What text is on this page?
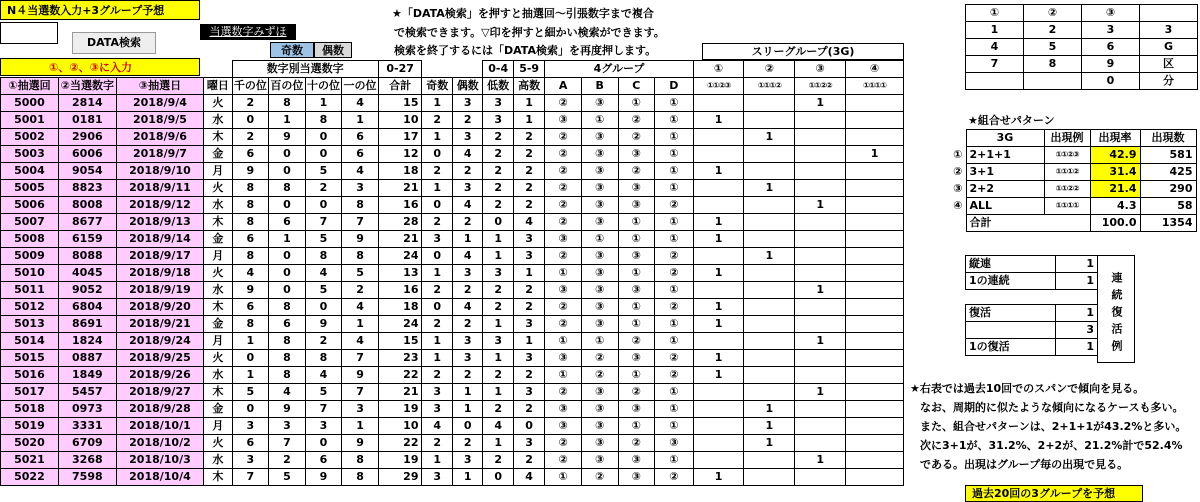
N４当選数入力+3グループ予想
DATA検索
①、②、③に入力
当選数字みずほ
奇数	偶数
★「DATA検索」を押すと抽選回～引張数字まで複合
で検索できます。▽印を押すと細かい検索ができます。
検索を終了するには「DATA検索」を再度押します。
				数字別当選数字				0-27			0-4	5-9	4グループ				①	②	③	④
①抽選回	②当選数字	③抽選日	曜日	千の位	百の位	十の位	一の位	合計	奇数	偶数	低数	高数	A	B	C	D	①①②③	①①①②	①①②②	①①①①
5000	2814	2018/9/4	火	2	8	1	4	15	1	3	3	1	②	③	①	①			1	
5001	0181	2018/9/5	水	0	1	8	1	10	2	2	3	1	③	①	②	①	1			
5002	2906	2018/9/6	木	2	9	0	6	17	1	3	2	2	②	③	②	①		1		
5003	6006	2018/9/7	金	6	0	0	6	12	0	4	2	2	②	③	③	①				1
5004	9054	2018/9/10	月	9	0	5	4	18	2	2	2	2	②	③	②	①	1			
5005	8823	2018/9/11	火	8	8	2	3	21	1	3	2	2	②	③	③	①		1		
5006	8008	2018/9/12	水	8	0	0	8	16	0	4	2	2	②	③	③	②			1	
5007	8677	2018/9/13	木	8	6	7	7	28	2	2	0	4	②	③	①	①	1			
5008	6159	2018/9/14	金	6	1	5	9	21	3	1	1	3	③	①	①	①	1			
5009	8088	2018/9/17	月	8	0	8	8	24	0	4	1	3	②	③	③	②		1		
5010	4045	2018/9/18	火	4	0	4	5	13	1	3	3	1	①	③	①	②	1			
5011	9052	2018/9/19	水	9	0	5	2	16	2	2	2	2	③	③	③	①			1	
5012	6804	2018/9/20	木	6	8	0	4	18	0	4	2	2	②	③	①	②	1			
5013	8691	2018/9/21	金	8	6	9	1	24	2	2	1	3	②	③	①	①	1			
5014	1824	2018/9/24	月	1	8	2	4	15	1	3	3	1	①	①	②	①			1	
5015	0887	2018/9/25	火	0	8	8	7	23	1	3	1	3	③	②	③	②	1			
5016	1849	2018/9/26	水	1	8	4	9	22	2	2	2	2	①	②	①	②	1			
5017	5457	2018/9/27	木	5	4	5	7	21	3	1	1	3	②	③	②	①			1	
5018	0973	2018/9/28	金	0	9	7	3	19	3	1	2	2	③	③	③	①		1		
5019	3331	2018/10/1	月	3	3	3	1	10	4	0	4	0	③	③	①	①		1		
5020	6709	2018/10/2	火	6	7	0	9	22	2	2	1	3	②	③	②	③		1		
5021	3268	2018/10/3	水	3	2	6	8	19	1	3	2	2	②	③	③	①			1	
5022	7598	2018/10/4	木	7	5	9	8	29	3	1	0	4	①	②	③	②	1			
スリーグループ(3G)
①	②	③	
1	2	3	3
4	5	6	G
7	8	9	区
		0	分
★組合せパターン
	3G	出現例	出現率	出現数
①	2+1+1	①①②③	42.9	581
②	3+1	①①①②	31.4	425
③	2+2	①①②②	21.4	290
④	ALL	①①①①	4.3	58
	合計		100.0	1354
縦連	1
1の連続	1

復活	1
	3
1の復活	1 連続復活例
★右表では過去10回でのスパンで傾向を見る。
なお、周期的に似たような傾向になるケースも多い。
また、組合せパターンは、2+1+1が43.2%と多い。
次に3+1が、31.2%、2+2が、21.2%計で52.4%
である。出現はグループ毎の出現で見る。
過去20回の3グループを予想
